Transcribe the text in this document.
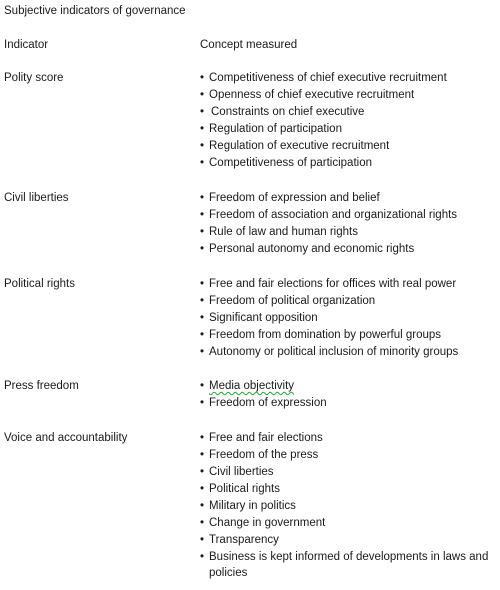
Subjective indicators of governance
Indicator	Concept measured
Polity score	• Competitiveness of chief executive recruitment
• Openness of chief executive recruitment
• Constraints on chief executive
• Regulation of participation
• Regulation of executive recruitment
• Competitiveness of participation
Civil liberties	• Freedom of expression and belief
• Freedom of association and organizational rights
• Rule of law and human rights
• Personal autonomy and economic rights
Political rights	• Free and fair elections for offices with real power
• Freedom of political organization
• Significant opposition
• Freedom from domination by powerful groups
• Autonomy or political inclusion of minority groups
Press freedom	• Media objectivity
• Freedom of expression
Voice and accountability	• Free and fair elections
• Freedom of the press
• Civil liberties
• Political rights
• Military in politics
• Change in government
• Transparency
• Business is kept informed of developments in laws and policies
